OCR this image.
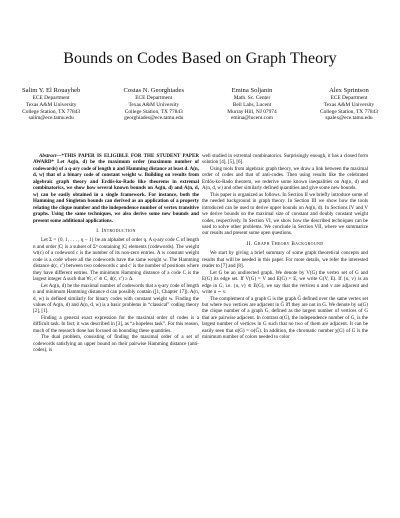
Bounds on Codes Based on Graph Theory
Salim Y. El Rouayheb
ECE Department
Texas A&M University
College Station, TX 77843
salim@ece.tamu.edu
Costas N. Georghiades
ECE Department
Texas A&M University
College Station, TX 77843
georghiades@ece.tamu.edu
Emina Soljanin
Math. Sc. Center
Bell Labs, Lucent
Murray Hill, NJ 07974
emina@lucent.com
Alex Sprintson
ECE Department
Texas A&M University
College Station, TX 77843
spalex@ece.tamu.edu

Abstract—*THIS PAPER IS ELIGIBLE FOR THE STUDENT PAPER AWARD* Let Aq(n, d) be the maximum order (maximum number of codewords) of a q-ary code of length n and Hamming distance at least d. A(n, d, w) that of a binary code of constant weight w. Building on results from algebraic graph theory and Erdős-ko-Rado like theorems in extremal combinatorics, we show how several known bounds on Aq(n, d) and A(n, d, w) can be easily obtained in a single framework. For instance, both the Hamming and Singleton bounds can derived as an application of a property relating the clique number and the independence number of vertex transitive graphs. Using the same techniques, we also derive some new bounds and present some additional applications.

I. Introduction

Let Σ = {0, 1, . . . , q − 1} be an alphabet of order q. A q-ary code C of length n and order |C| is a subset of Σⁿ containing |C| elements (codewords). The weight wt(c) of a codeword c is the number of its non-zero entries. A w constant weight code is a code where all the codewords have the same weight w. The Hamming distance d(c, c′) between two codewords c and c′ is the number of positions where they have different entries. The minimum Hamming distance of a code C is the largest integer Δ such that ∀c, c′ ∈ C, d(c, c′) ≥ Δ.

Let Aq(n, d) be the maximal number of codewords that a q-ary code of length n and minimum Hamming distance d can possibly contain ([1, Chapter 17]). A(n, d, w) is defined similarly for binary codes with constant weight w. Finding the values of Aq(n, d) and A(n, d, w) is a basic problems in “classical” coding theory [2], [1].

Finding a general exact expression for the maximal order of codes is a difficult task. In fact, it was described in [3], as “a hopeless task”. For this reason, much of the research done has focused on bounding these quantities.

The dual problem, consisting of finding the maximal order of a set of codewords satisfying an upper bound on their pairwise Hamming distance (anti-codes), is

well studied in extremal combinatorics. Surprisingly enough, it has a closed form solution [4], [5], [6].

Using tools from algebraic graph theory, we draw a link between the maximal order of codes and that of anti-codes. Then using results like the celebrated Erdős-ko-Rado theorem, we rederive some known inequalities on Aq(n, d) and A(n, d, w) and other similarly defined quantities and give some new bounds.

This paper is organized as follows. In Section II we briefly introduce some of the needed background in graph theory. In Section III we show how the tools introduced can be used to derive upper bounds on Aq(n, d). In Sections IV and V we derive bounds on the maximal size of constant and doubly constant weight codes, respectively. In Section VI, we show how the described techniques can be used to solve other problems. We conclude in Section VII, where we summarize our results and present some open questions.

II. Graph Theory Background

We start by giving a brief summary of some graph theoretical concepts and results that will be needed in this paper. For more details, we refer the interested reader to [7] and [8].

Let G be an undirected graph. We denote by V(G) the vertex set of G and E(G) its edge set. If V(G) = V and E(G) = E, we write G(V, E). If {u, v} is an edge in G, i.e. {u, v} ∈ E(G), we say that the vertices u and v are adjacent and write u ∼ v.

The complement of a graph G is the graph Ḡ defined over the same vertex set but where two vertices are adjacent in Ḡ iff they are not in G. We denote by ω(G) the clique number of a graph G, defined as the largest number of vertices of G that are pairwise adjacent. In contrast α(G), the independence number of G, is the largest number of vertices in G such that no two of them are adjacent. It can be easily seen that α(G) = ω(Ḡ). In addition, the chromatic number χ(G) of G is the minimum number of colors needed to color
